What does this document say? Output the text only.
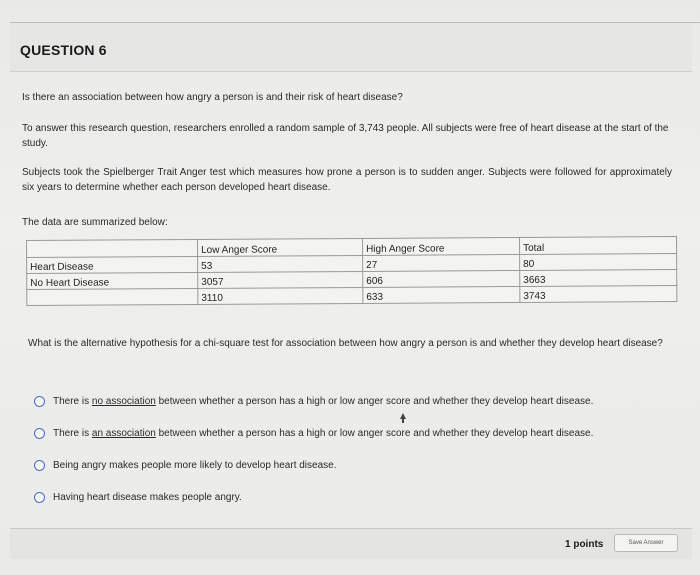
QUESTION 6
Is there an association between how angry a person is and their risk of heart disease?
To answer this research question, researchers enrolled a random sample of 3,743 people. All subjects were free of heart disease at the start of the study.
Subjects took the Spielberger Trait Anger test which measures how prone a person is to sudden anger. Subjects were followed for approximately six years to determine whether each person developed heart disease.
The data are summarized below:
	Low Anger Score	High Anger Score	Total
Heart Disease	53	27	80
No Heart Disease	3057	606	3663
	3110	633	3743
What is the alternative hypothesis for a chi-square test for association between how angry a person is and whether they develop heart disease?
There is no association between whether a person has a high or low anger score and whether they develop heart disease.
There is an association between whether a person has a high or low anger score and whether they develop heart disease.
Being angry makes people more likely to develop heart disease.
Having heart disease makes people angry.
1 points	Save Answer
